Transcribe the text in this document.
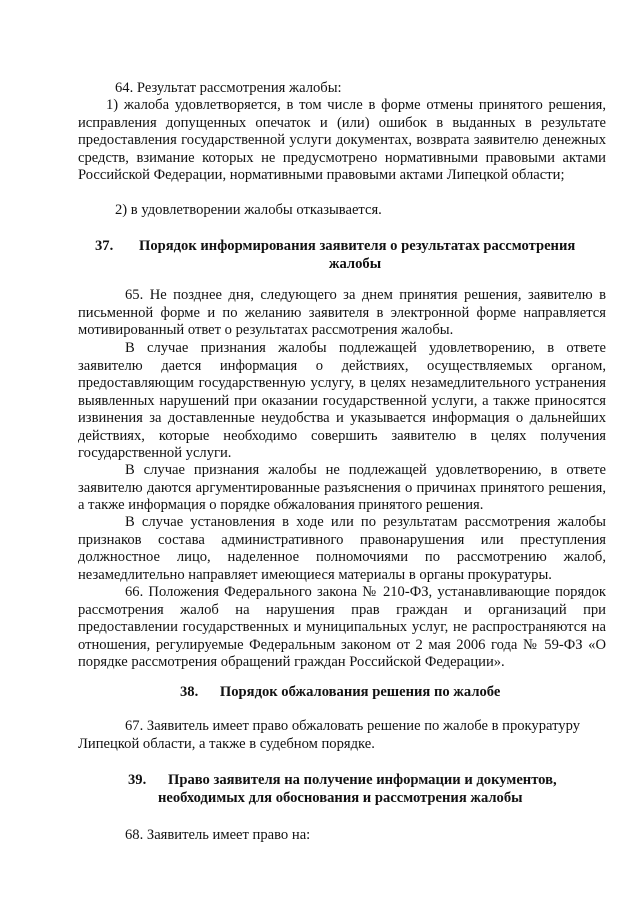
64. Результат рассмотрения жалобы:

1) жалоба удовлетворяется, в том числе в форме отмены принятого решения, исправления допущенных опечаток и (или) ошибок в выданных в результате предоставления государственной услуги документах, возврата заявителю денежных средств, взимание которых не предусмотрено нормативными правовыми актами Российской Федерации, нормативными правовыми актами Липецкой области;

2) в удовлетворении жалобы отказывается.

37. Порядок информирования заявителя о результатах рассмотрения
жалобы

65. Не позднее дня, следующего за днем принятия решения, заявителю в письменной форме и по желанию заявителя в электронной форме направляется мотивированный ответ о результатах рассмотрения жалобы.

В случае признания жалобы подлежащей удовлетворению, в ответе заявителю дается информация о действиях, осуществляемых органом, предоставляющим государственную услугу, в целях незамедлительного устранения выявленных нарушений при оказании государственной услуги, а также приносятся извинения за доставленные неудобства и указывается информация о дальнейших действиях, которые необходимо совершить заявителю в целях получения государственной услуги.

В случае признания жалобы не подлежащей удовлетворению, в ответе заявителю даются аргументированные разъяснения о причинах принятого решения, а также информация о порядке обжалования принятого решения.

В случае установления в ходе или по результатам рассмотрения жалобы признаков состава административного правонарушения или преступления должностное лицо, наделенное полномочиями по рассмотрению жалоб, незамедлительно направляет имеющиеся материалы в органы прокуратуры.

66. Положения Федерального закона № 210-ФЗ, устанавливающие порядок рассмотрения жалоб на нарушения прав граждан и организаций при предоставлении государственных и муниципальных услуг, не распространяются на отношения, регулируемые Федеральным законом от 2 мая 2006 года № 59-ФЗ «О порядке рассмотрения обращений граждан Российской Федерации».

38. Порядок обжалования решения по жалобе

67. Заявитель имеет право обжаловать решение по жалобе в прокуратуру

Липецкой области, а также в судебном порядке.

39. Право заявителя на получение информации и документов,
необходимых для обоснования и рассмотрения жалобы

68. Заявитель имеет право на:
